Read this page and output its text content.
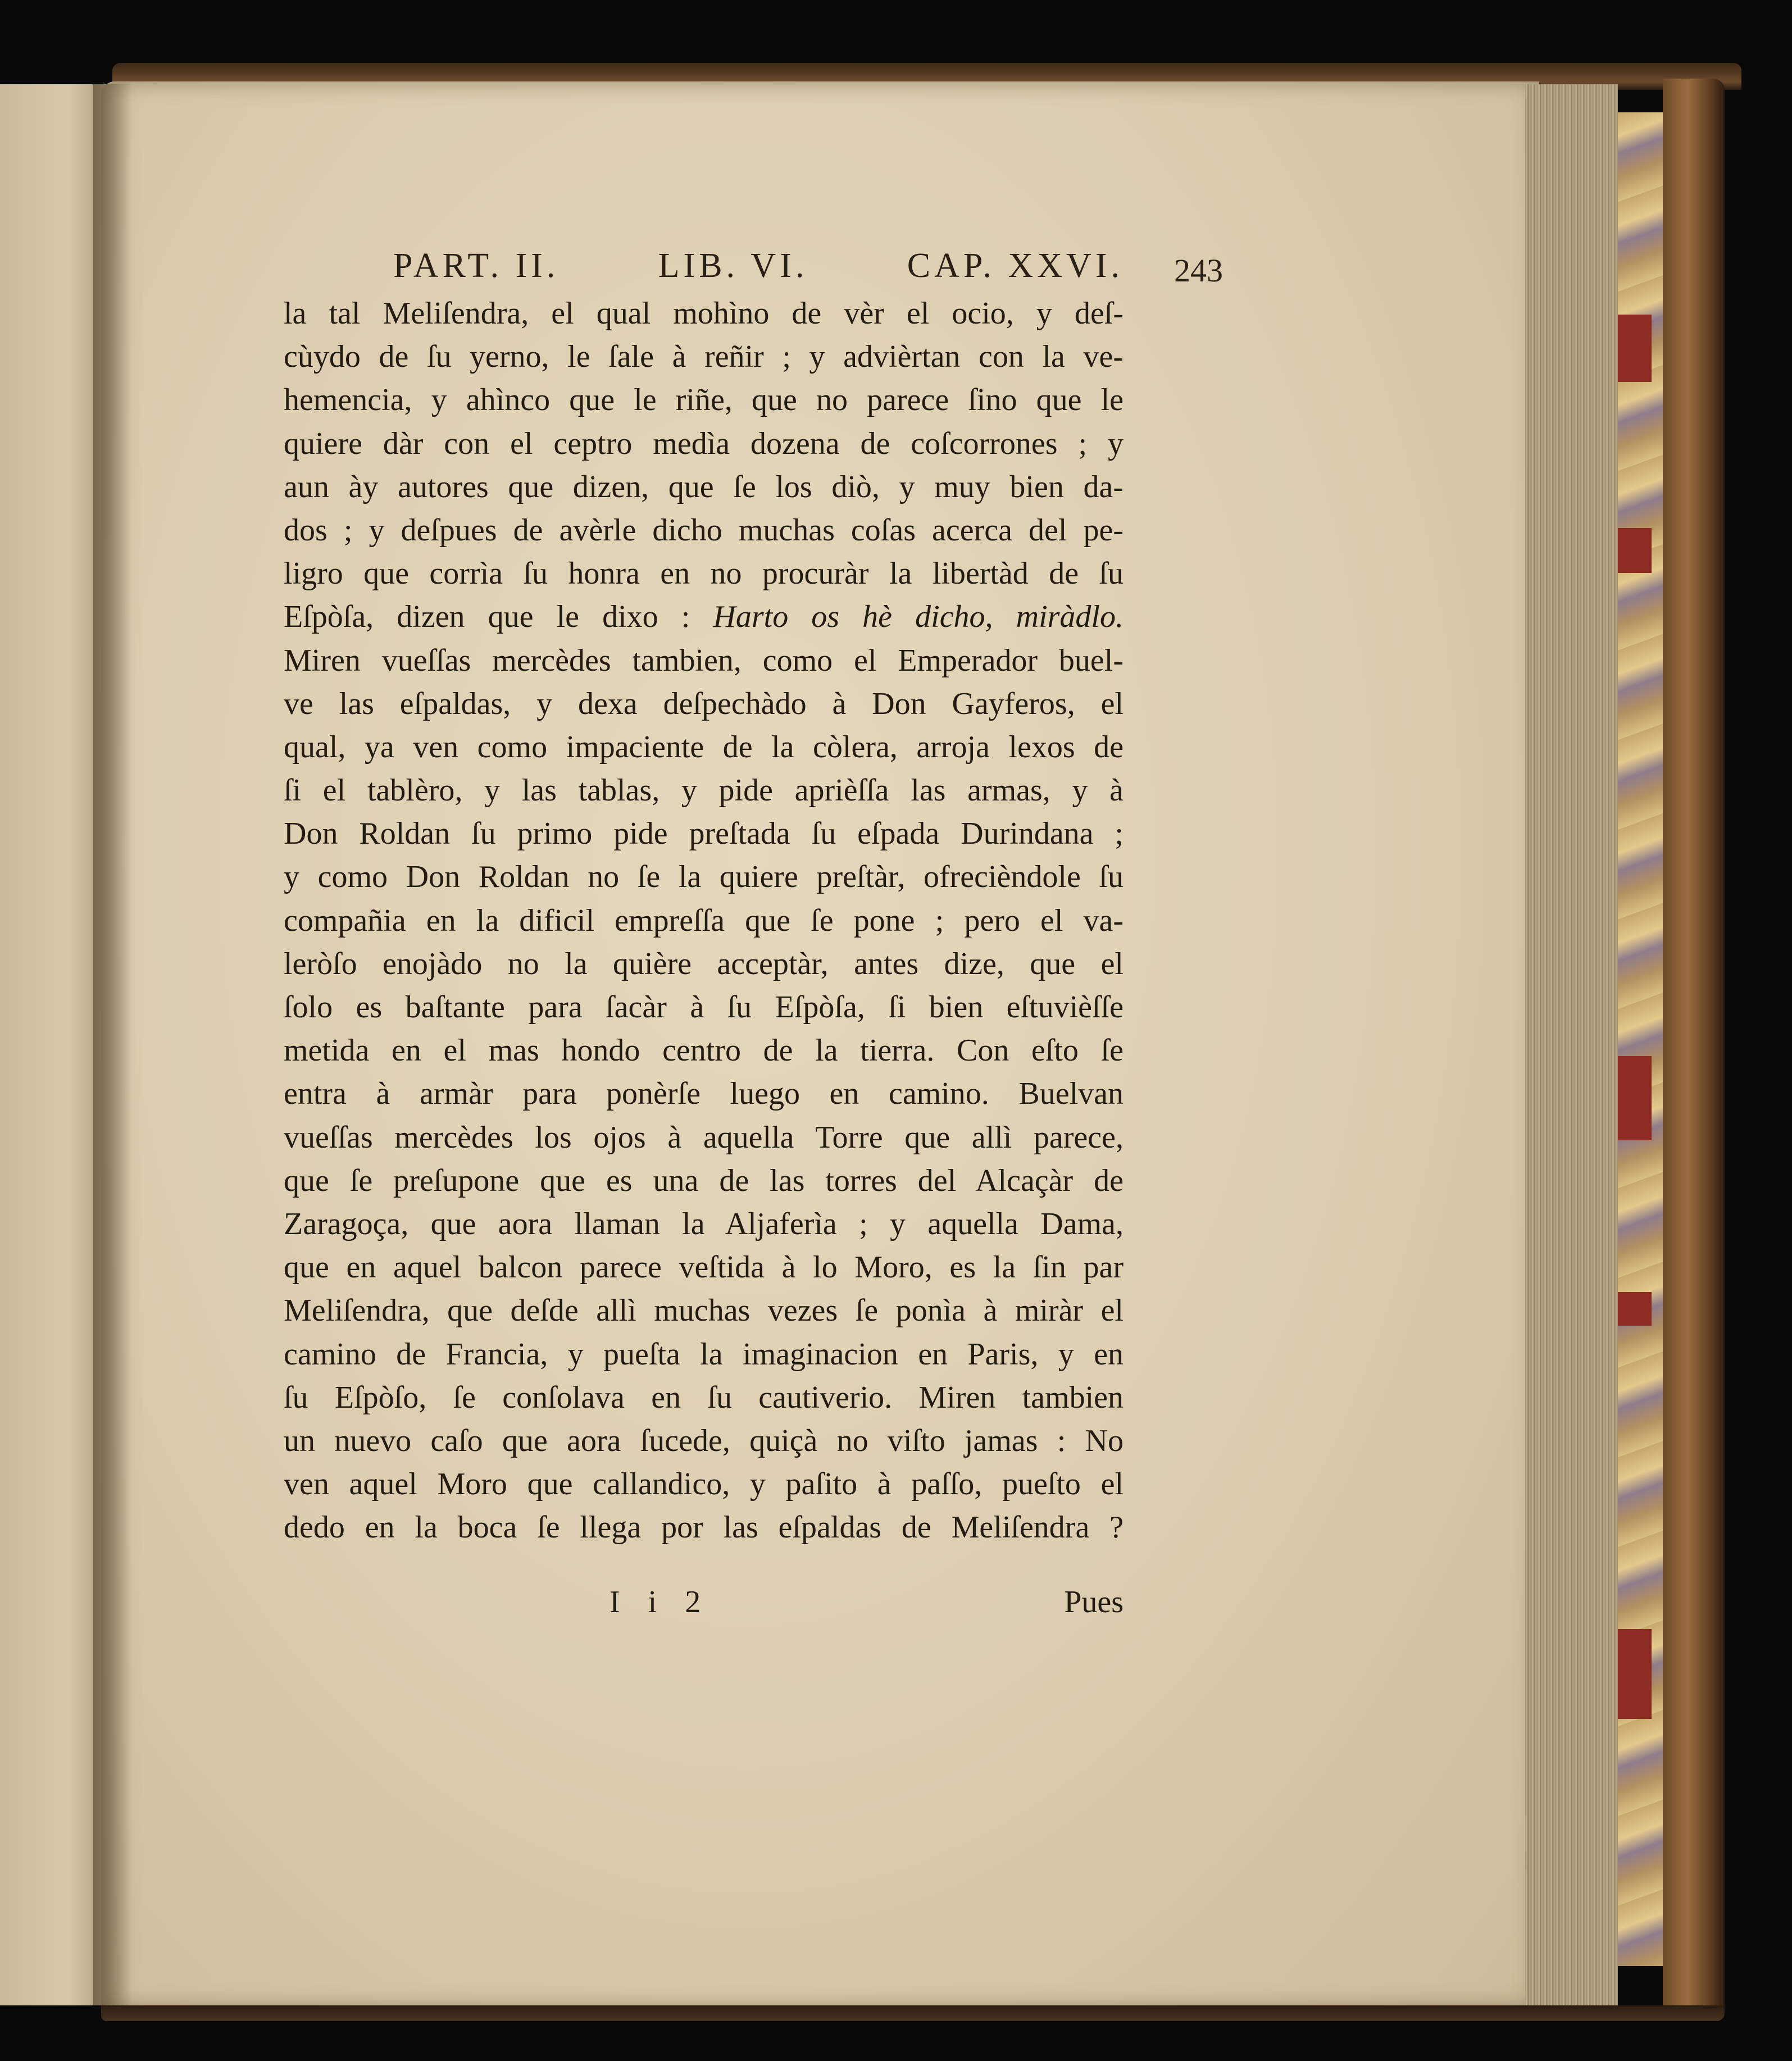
PART. II.	LIB. VI.	CAP. XXVI. 243
la tal Meliſendra, el qual mohìno de vèr el ocio, y deſ-
cùydo de ſu yerno, le ſale à reñir ; y advièrtan con la ve-
hemencia, y ahìnco que le riñe, que no parece ſino que le
quiere dàr con el ceptro medìa dozena de coſcorrones ; y
aun ày autores que dizen, que ſe los diò, y muy bien da-
dos ; y deſpues de avèrle dicho muchas coſas acerca del pe-
ligro que corrìa ſu honra en no procuràr la libertàd de ſu
Eſpòſa, dizen que le dixo : Harto os hè dicho, miràdlo.
Miren vueſſas mercèdes tambien, como el Emperador buel-
ve las eſpaldas, y dexa deſpechàdo à Don Gayferos, el
qual, ya ven como impaciente de la còlera, arroja lexos de
ſi el tablèro, y las tablas, y pide aprièſſa las armas, y à
Don Roldan ſu primo pide preſtada ſu eſpada Durindana ;
y como Don Roldan no ſe la quiere preſtàr, ofrecièndole ſu
compañia en la dificil empreſſa que ſe pone ; pero el va-
leròſo enojàdo no la quière acceptàr, antes dize, que el
ſolo es baſtante para ſacàr à ſu Eſpòſa, ſi bien eſtuvièſſe
metida en el mas hondo centro de la tierra. Con eſto ſe
entra à armàr para ponèrſe luego en camino. Buelvan
vueſſas mercèdes los ojos à aquella Torre que allì parece,
que ſe preſupone que es una de las torres del Alcaçàr de
Zaragoça, que aora llaman la Aljaferìa ; y aquella Dama,
que en aquel balcon parece veſtida à lo Moro, es la ſin par
Meliſendra, que deſde allì muchas vezes ſe ponìa à miràr el
camino de Francia, y pueſta la imaginacion en Paris, y en
ſu Eſpòſo, ſe conſolava en ſu cautiverio. Miren tambien
un nuevo caſo que aora ſucede, quiçà no viſto jamas : No
ven aquel Moro que callandico, y paſito à paſſo, pueſto el
dedo en la boca ſe llega por las eſpaldas de Meliſendra ?
I i 2	Pues
